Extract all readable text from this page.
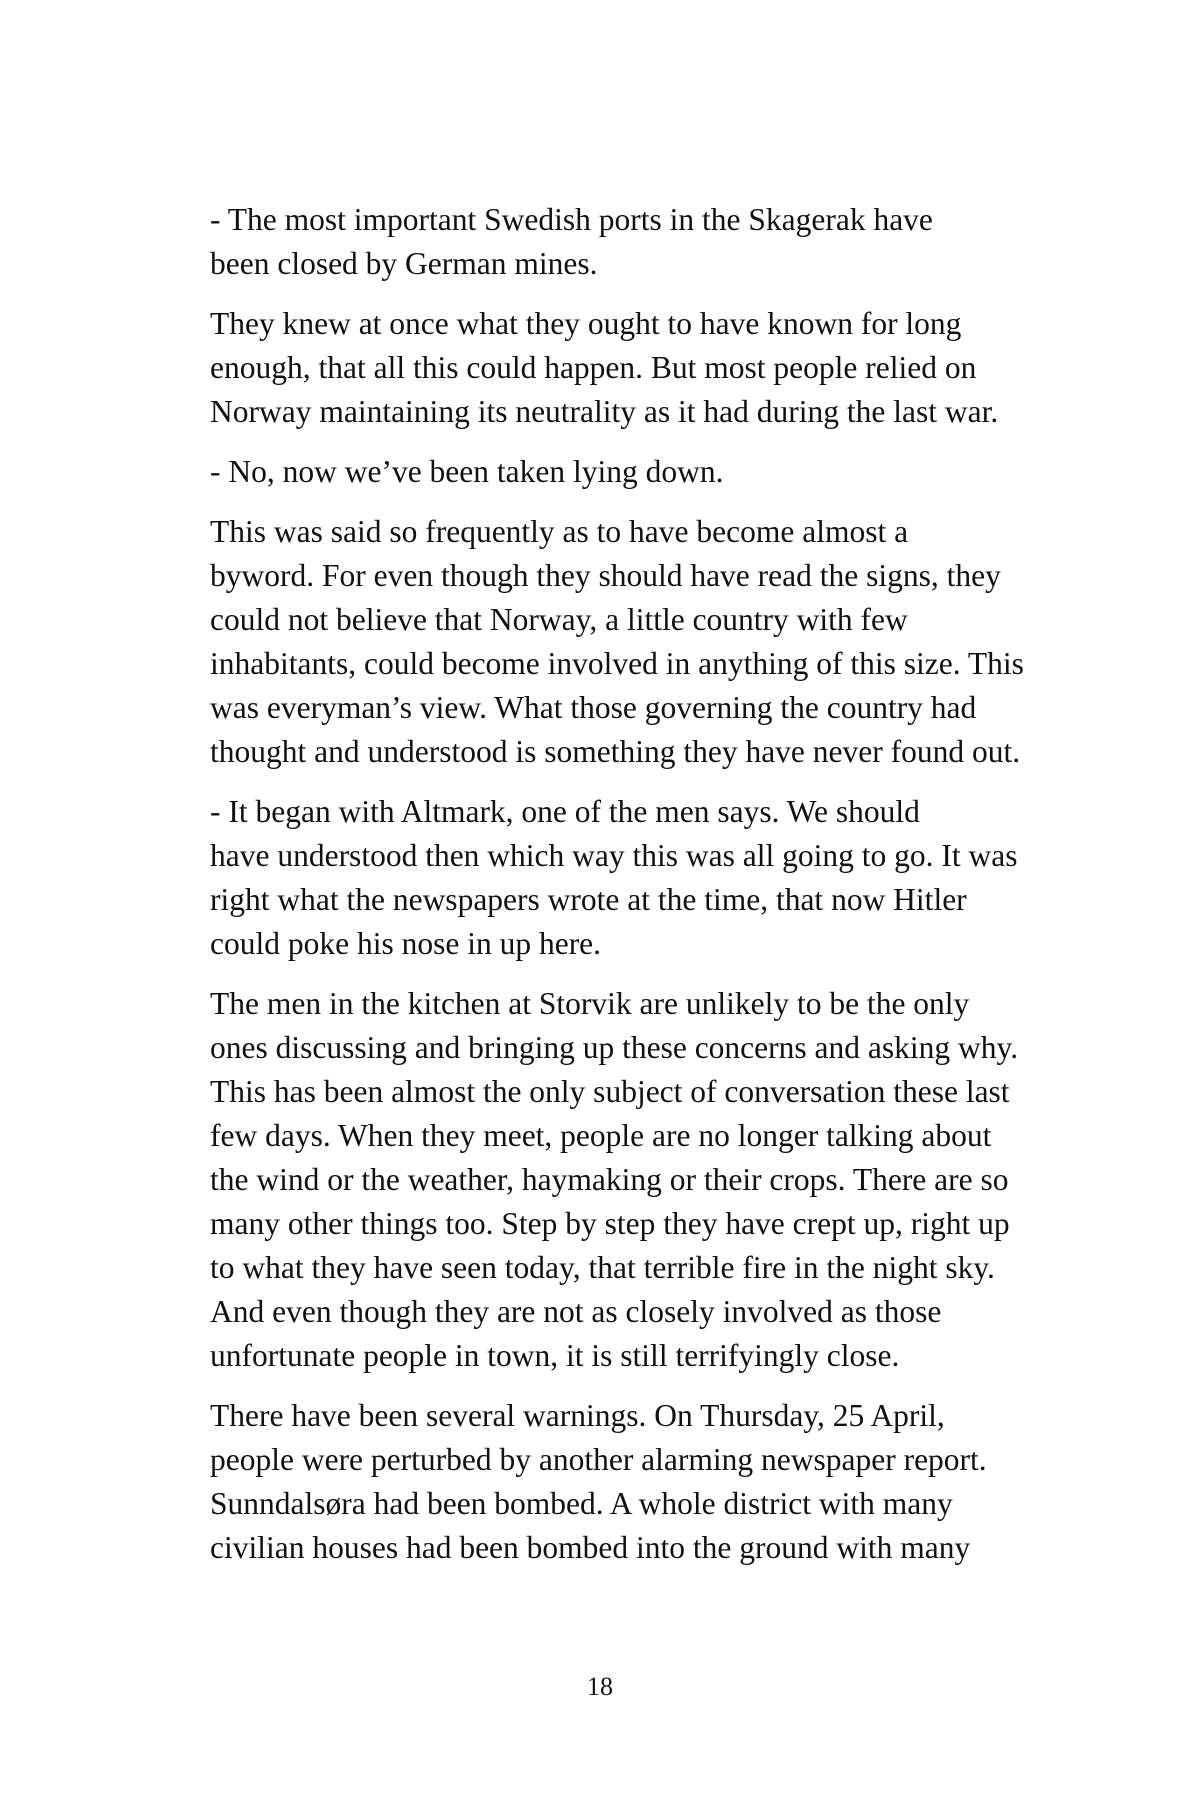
- The most important Swedish ports in the Skagerak have
been closed by German mines.

They knew at once what they ought to have known for long
enough, that all this could happen. But most people relied on
Norway maintaining its neutrality as it had during the last war.

- No, now we’ve been taken lying down.

This was said so frequently as to have become almost a
byword. For even though they should have read the signs, they
could not believe that Norway, a little country with few
inhabitants, could become involved in anything of this size. This
was everyman’s view. What those governing the country had
thought and understood is something they have never found out.

- It began with Altmark, one of the men says. We should
have understood then which way this was all going to go. It was
right what the newspapers wrote at the time, that now Hitler
could poke his nose in up here.

The men in the kitchen at Storvik are unlikely to be the only
ones discussing and bringing up these concerns and asking why.
This has been almost the only subject of conversation these last
few days. When they meet, people are no longer talking about
the wind or the weather, haymaking or their crops. There are so
many other things too. Step by step they have crept up, right up
to what they have seen today, that terrible fire in the night sky.
And even though they are not as closely involved as those
unfortunate people in town, it is still terrifyingly close.

There have been several warnings. On Thursday, 25 April,
people were perturbed by another alarming newspaper report.
Sunndalsøra had been bombed. A whole district with many
civilian houses had been bombed into the ground with many

18
